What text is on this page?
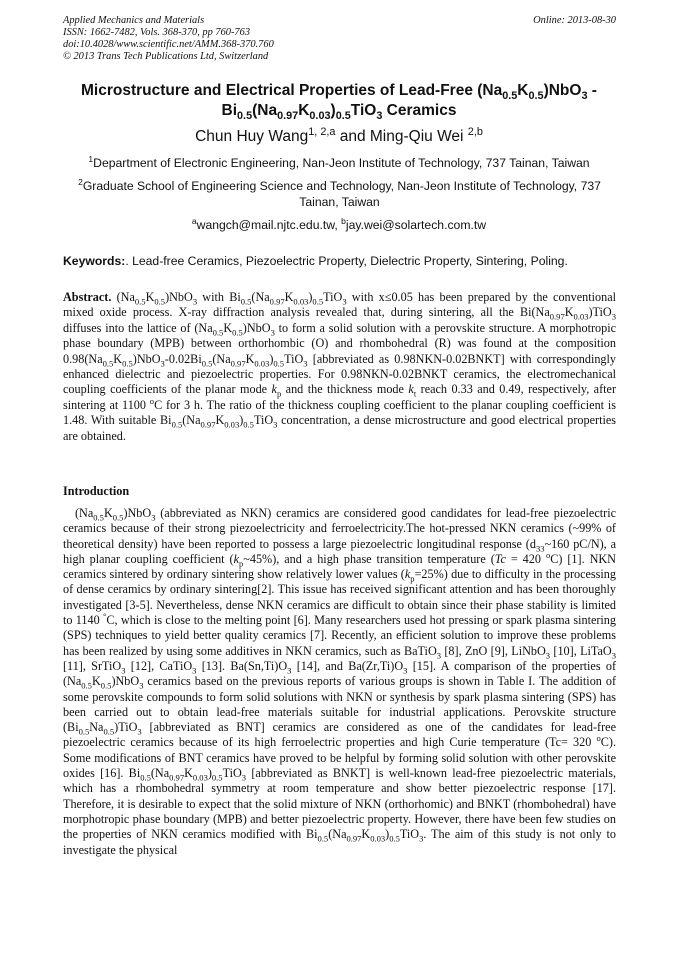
Applied Mechanics and Materials
ISSN: 1662-7482, Vols. 368-370, pp 760-763
doi:10.4028/www.scientific.net/AMM.368-370.760
© 2013 Trans Tech Publications Ltd, Switzerland
Online: 2013-08-30
Microstructure and Electrical Properties of Lead-Free $(Na_{0.5}K_{0.5})NbO_3$ -
$Bi_{0.5}(Na_{0.97}K_{0.03})_{0.5}TiO_3$ Ceramics
Chun Huy Wang$^{1, 2,a}$ and Ming-Qiu Wei $^{2,b}$
$^1$Department of Electronic Engineering, Nan-Jeon Institute of Technology, 737 Tainan, Taiwan
$^2$Graduate School of Engineering Science and Technology, Nan-Jeon Institute of Technology, 737 Tainan, Taiwan
$^a$wangch@mail.njtc.edu.tw, $^b$jay.wei@solartech.com.tw
Keywords:. Lead-free Ceramics, Piezoelectric Property, Dielectric Property, Sintering, Poling.
Abstract. $(Na_{0.5}K_{0.5})NbO_3$ with $Bi_{0.5}(Na_{0.97}K_{0.03})_{0.5}TiO_3$ with x≤0.05 has been prepared by the conventional mixed oxide process. X-ray diffraction analysis revealed that, during sintering, all the $Bi(Na_{0.97}K_{0.03})TiO_3$ diffuses into the lattice of $(Na_{0.5}K_{0.5})NbO_3$ to form a solid solution with a perovskite structure. A morphotropic phase boundary (MPB) between orthorhombic (O) and rhombohedral (R) was found at the composition $0.98(Na_{0.5}K_{0.5})NbO_3-0.02Bi_{0.5}(Na_{0.97}K_{0.03})_{0.5}TiO_3$ [abbreviated as 0.98NKN-0.02BNKT] with correspondingly enhanced dielectric and piezoelectric properties. For 0.98NKN-0.02BNKT ceramics, the electromechanical coupling coefficients of the planar mode $k_p$ and the thickness mode $k_t$ reach 0.33 and 0.49, respectively, after sintering at 1100 $^o$C for 3 h. The ratio of the thickness coupling coefficient to the planar coupling coefficient is 1.48. With suitable $Bi_{0.5}(Na_{0.97}K_{0.03})_{0.5}TiO_3$ concentration, a dense microstructure and good electrical properties are obtained.
Introduction
$(Na_{0.5}K_{0.5})NbO_3$ (abbreviated as NKN) ceramics are considered good candidates for lead-free piezoelectric ceramics because of their strong piezoelectricity and ferroelectricity.The hot-pressed NKN ceramics (~99% of theoretical density) have been reported to possess a large piezoelectric longitudinal response ($d_{33}\sim 160$ pC/N), a high planar coupling coefficient $(k_p\sim 45\%)$, and a high phase transition temperature (Tc = 420 $^o$C) [1]. NKN ceramics sintered by ordinary sintering show relatively lower values $(k_p=25\%)$ due to difficulty in the processing of dense ceramics by ordinary sintering[2]. This issue has received significant attention and has been thoroughly investigated [3-5]. Nevertheless, dense NKN ceramics are difficult to obtain since their phase stability is limited to 1140 °C, which is close to the melting point [6]. Many researchers used hot pressing or spark plasma sintering (SPS) techniques to yield better quality ceramics [7]. Recently, an efficient solution to improve these problems has been realized by using some additives in NKN ceramics, such as BaTiO$_3$ [8], ZnO [9], LiNbO$_3$ [10], LiTaO$_3$ [11], SrTiO$_3$ [12], CaTiO$_3$ [13]. $Ba(Sn,Ti)O_3$ [14], and $Ba(Zr,Ti)O_3$ [15]. A comparison of the properties of $(Na_{0.5}K_{0.5})NbO_3$ ceramics based on the previous reports of various groups is shown in Table I. The addition of some perovskite compounds to form solid solutions with NKN or synthesis by spark plasma sintering (SPS) has been carried out to obtain lead-free materials suitable for industrial applications. Perovskite structure $(Bi_{0.5}Na_{0.5})TiO_3$ [abbreviated as BNT] ceramics are considered as one of the candidates for lead-free piezoelectric ceramics because of its high ferroelectric properties and high Curie temperature (Tc= 320 $^o$C). Some modifications of BNT ceramics have proved to be helpful by forming solid solution with other perovskite oxides [16]. $Bi_{0.5}(Na_{0.97}K_{0.03})_{0.5}TiO_3$ [abbreviated as BNKT] is well-known lead-free piezoelectric materials, which has a rhombohedral symmetry at room temperature and show better piezoelectric response [17]. Therefore, it is desirable to expect that the solid mixture of NKN (orthorhomic) and BNKT (rhombohedral) have morphotropic phase boundary (MPB) and better piezoelectric property. However, there have been few studies on the properties of NKN ceramics modified with $Bi_{0.5}(Na_{0.97}K_{0.03})_{0.5}TiO_3$. The aim of this study is not only to investigate the physical
